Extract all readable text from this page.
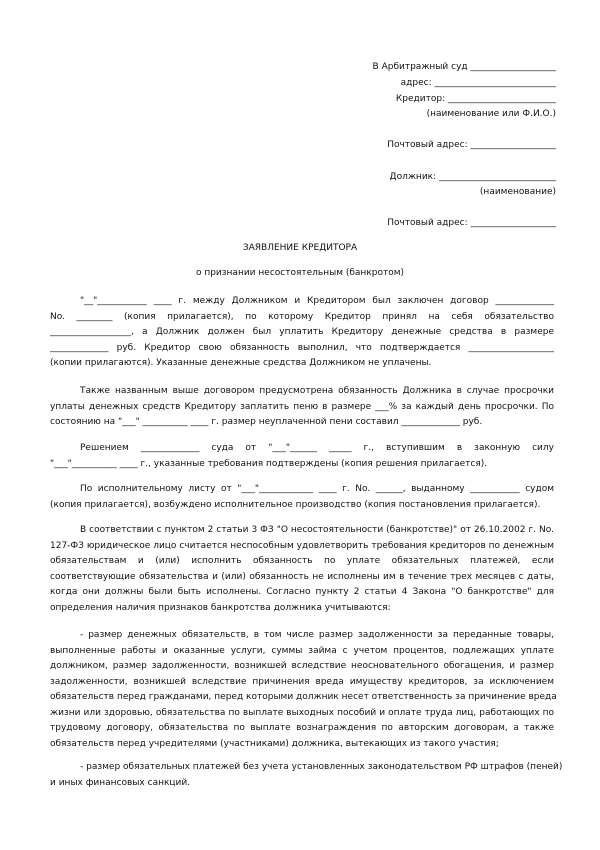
В Арбитражный суд ___________________
адрес: ___________________________
Кредитор: ________________________
(наименование или Ф.И.О.)
Почтовый адрес: ___________________
Должник: __________________________
(наименование)
Почтовый адрес: ___________________
ЗАЯВЛЕНИЕ КРЕДИТОРА
о признании несостоятельным (банкротом)
"__"___________ ____ г. между Должником и Кредитором был заключен договор _____________
No. ________ (копия прилагается), по которому Кредитор принял на себя обязательство
__________________, а Должник должен был уплатить Кредитору денежные средства в размере
_____________ руб. Кредитор свою обязанность выполнил, что подтверждается ___________________
(копии прилагаются). Указанные денежные средства Должником не уплачены.
Также названным выше договором предусмотрена обязанность Должника в случае просрочки
уплаты денежных средств Кредитору заплатить пеню в размере ___% за каждый день просрочки. По
состоянию на "___" __________ ____ г. размер неуплаченной пени составил _____________ руб.
Решением _____________ суда от "___"______ _____ г., вступившим в законную силу
"___"__________ ____ г., указанные требования подтверждены (копия решения прилагается).
По исполнительному листу от "___"____________ ____ г. No. ______, выданному ___________ судом
(копия прилагается), возбуждено исполнительное производство (копия постановления прилагается).
В соответствии с пунктом 2 статьи 3 ФЗ "О несостоятельности (банкротстве)" от 26.10.2002 г. No.
127-ФЗ юридическое лицо считается неспособным удовлетворить требования кредиторов по денежным
обязательствам и (или) исполнить обязанность по уплате обязательных платежей, если
соответствующие обязательства и (или) обязанность не исполнены им в течение трех месяцев с даты,
когда они должны были быть исполнены. Согласно пункту 2 статьи 4 Закона "О банкротстве" для
определения наличия признаков банкротства должника учитываются:
- размер денежных обязательств, в том числе размер задолженности за переданные товары,
выполненные работы и оказанные услуги, суммы займа с учетом процентов, подлежащих уплате
должником, размер задолженности, возникшей вследствие неосновательного обогащения, и размер
задолженности, возникшей вследствие причинения вреда имуществу кредиторов, за исключением
обязательств перед гражданами, перед которыми должник несет ответственность за причинение вреда
жизни или здоровью, обязательства по выплате выходных пособий и оплате труда лиц, работающих по
трудовому договору, обязательства по выплате вознаграждения по авторским договорам, а также
обязательств перед учредителями (участниками) должника, вытекающих из такого участия;
- размер обязательных платежей без учета установленных законодательством РФ штрафов (пеней)
и иных финансовых санкций.
